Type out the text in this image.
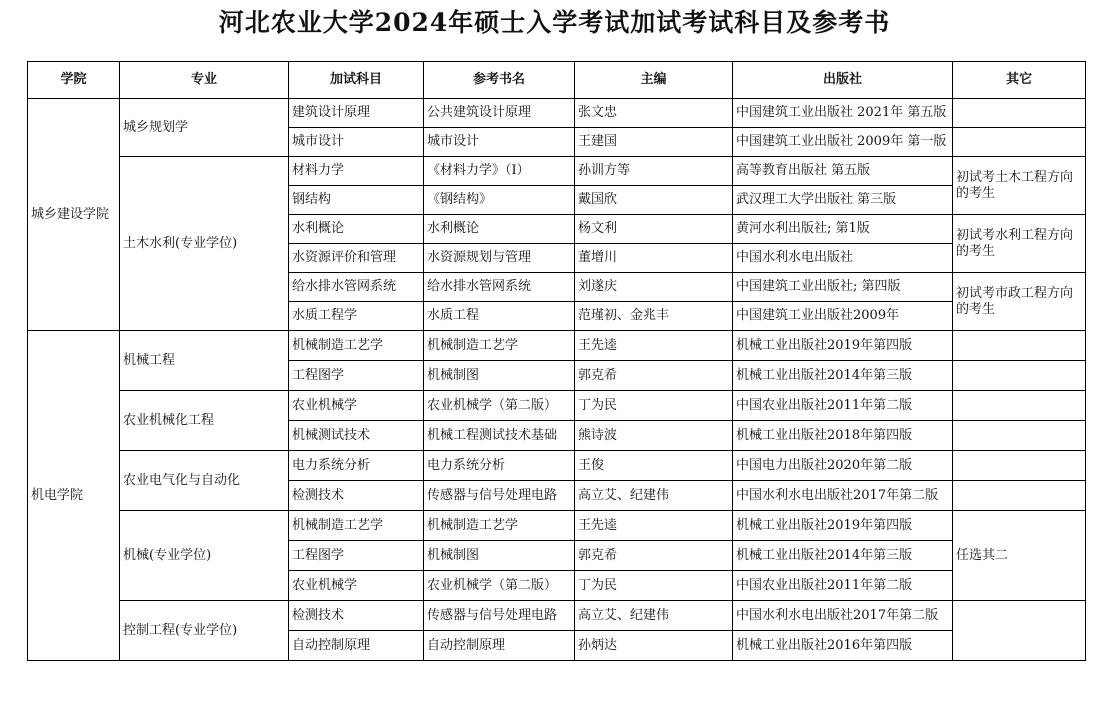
河北农业大学2024年硕士入学考试加试考试科目及参考书
学院	专业	加试科目	参考书名	主编	出版社	其它
城乡建设学院	城乡规划学	建筑设计原理	公共建筑设计原理	张文忠	中国建筑工业出版社 2021年 第五版	
		城市设计	城市设计	王建国	中国建筑工业出版社 2009年 第一版	
	土木水利(专业学位)	材料力学	《材料力学》（Ⅰ）	孙训方等	高等教育出版社 第五版	初试考土木工程方向的考生
		钢结构	《钢结构》	戴国欣	武汉理工大学出版社 第三版	
		水利概论	水利概论	杨文利	黄河水利出版社; 第1版	初试考水利工程方向的考生
		水资源评价和管理	水资源规划与管理	董增川	中国水利水电出版社	
		给水排水管网系统	给水排水管网系统	刘遂庆	中国建筑工业出版社; 第四版	初试考市政工程方向的考生
		水质工程学	水质工程	范瑾初、金兆丰	中国建筑工业出版社2009年	
机电学院	机械工程	机械制造工艺学	机械制造工艺学	王先逵	机械工业出版社2019年第四版	
		工程图学	机械制图	郭克希	机械工业出版社2014年第三版	
	农业机械化工程	农业机械学	农业机械学（第二版）	丁为民	中国农业出版社2011年第二版	
		机械测试技术	机械工程测试技术基础	熊诗波	机械工业出版社2018年第四版	
	农业电气化与自动化	电力系统分析	电力系统分析	王俊	中国电力出版社2020年第二版	
		检测技术	传感器与信号处理电路	高立艾、纪建伟	中国水利水电出版社2017年第二版	
	机械(专业学位)	机械制造工艺学	机械制造工艺学	王先逵	机械工业出版社2019年第四版	任选其二
		工程图学	机械制图	郭克希	机械工业出版社2014年第三版	
		农业机械学	农业机械学（第二版）	丁为民	中国农业出版社2011年第二版	
	控制工程(专业学位)	检测技术	传感器与信号处理电路	高立艾、纪建伟	中国水利水电出版社2017年第二版	
		自动控制原理	自动控制原理	孙炳达	机械工业出版社2016年第四版	
